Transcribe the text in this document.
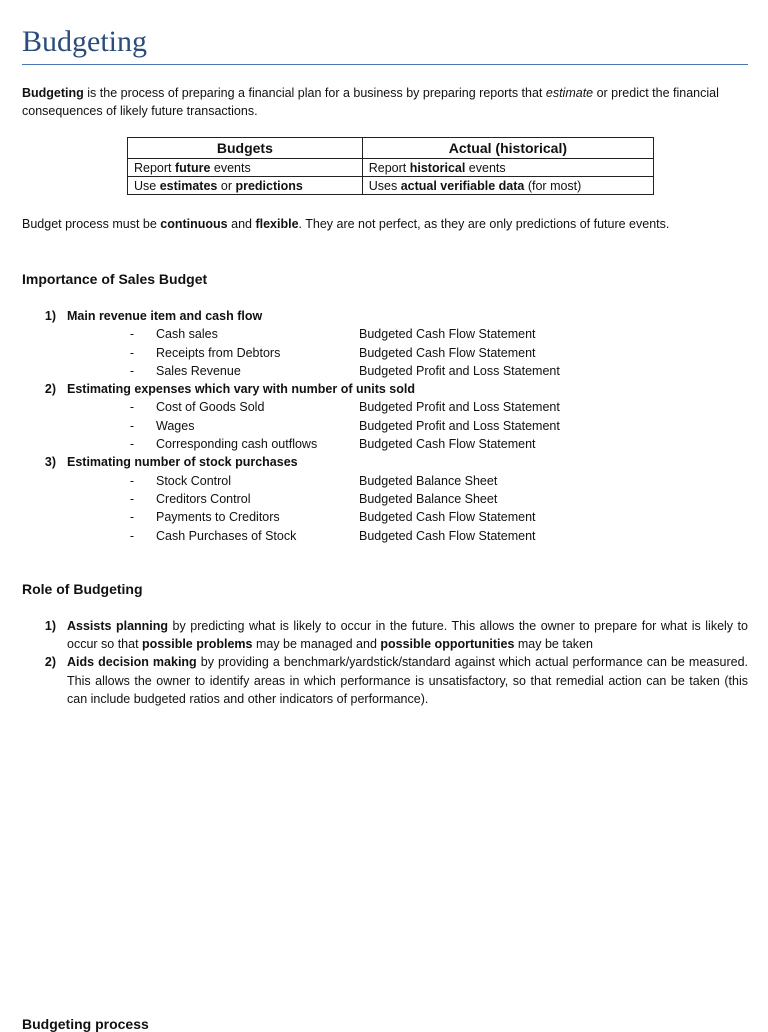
Budgeting

Budgeting is the process of preparing a financial plan for a business by preparing reports that estimate or predict the financial consequences of likely future transactions.

Budgets	Actual (historical)
Report future events	Report historical events
Use estimates or predictions	Uses actual verifiable data (for most)

Budget process must be continuous and flexible. They are not perfect, as they are only predictions of future events.

Importance of Sales Budget
1) Main revenue item and cash flow
- Cash sales	Budgeted Cash Flow Statement
- Receipts from Debtors	Budgeted Cash Flow Statement
- Sales Revenue	Budgeted Profit and Loss Statement
2) Estimating expenses which vary with number of units sold
- Cost of Goods Sold	Budgeted Profit and Loss Statement
- Wages	Budgeted Profit and Loss Statement
- Corresponding cash outflows	Budgeted Cash Flow Statement
3) Estimating number of stock purchases
- Stock Control	Budgeted Balance Sheet
- Creditors Control	Budgeted Balance Sheet
- Payments to Creditors	Budgeted Cash Flow Statement
- Cash Purchases of Stock	Budgeted Cash Flow Statement
Role of Budgeting
1) Assists planning by predicting what is likely to occur in the future. This allows the owner to prepare for what is likely to occur so that possible problems may be managed and possible opportunities may be taken
2) Aids decision making by providing a benchmark/yardstick/standard against which actual performance can be measured. This allows the owner to identify areas in which performance is unsatisfactory, so that remedial action can be taken (this can include budgeted ratios and other indicators of performance).
Budgeting process
